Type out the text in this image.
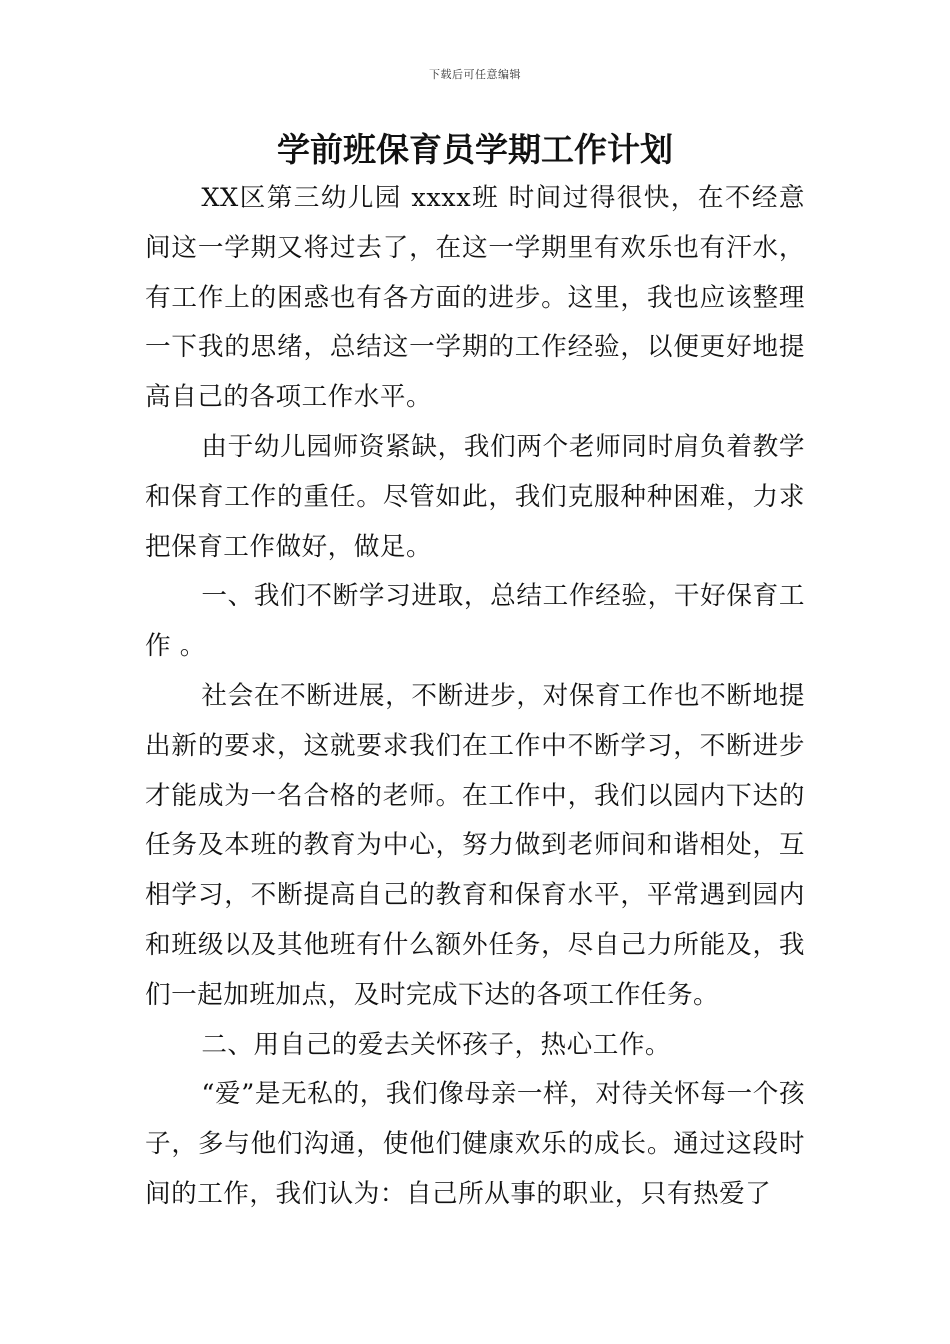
下载后可任意编辑
学前班保育员学期工作计划

XX区第三幼儿园 xxxx班 时间过得很快，在不经意间这一学期又将过去了，在这一学期里有欢乐也有汗水，有工作上的困惑也有各方面的进步。这里，我也应该整理一下我的思绪，总结这一学期的工作经验，以便更好地提高自己的各项工作水平。

由于幼儿园师资紧缺，我们两个老师同时肩负着教学和保育工作的重任。尽管如此，我们克服种种困难，力求把保育工作做好，做足。

一、我们不断学习进取，总结工作经验，干好保育工作 。

社会在不断进展，不断进步，对保育工作也不断地提出新的要求，这就要求我们在工作中不断学习，不断进步才能成为一名合格的老师。在工作中，我们以园内下达的任务及本班的教育为中心，努力做到老师间和谐相处，互相学习，不断提高自己的教育和保育水平，平常遇到园内和班级以及其他班有什么额外任务，尽自己力所能及，我们一起加班加点，及时完成下达的各项工作任务。

二、用自己的爱去关怀孩子，热心工作。

“爱”是无私的，我们像母亲一样，对待关怀每一个孩子，多与他们沟通，使他们健康欢乐的成长。通过这段时间的工作，我们认为：自己所从事的职业，只有热爱了
